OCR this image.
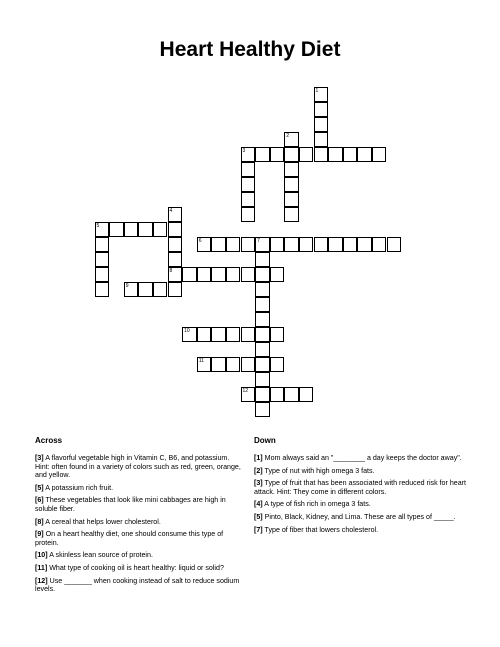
Heart Healthy Diet
1
2
3
4
8
5
6	7
9
10
11
12
Across	Down
[3] A flavorful vegetable high in Vitamin C, B6, and potassium. Hint: often found in a variety of colors such as red, green, orange, and yellow.
[5] A potassium rich fruit.
[6] These vegetables that look like mini cabbages are high in soluble fiber.
[8] A cereal that helps lower cholesterol.
[9] On a heart healthy diet, one should consume this type of protein.
[10] A skinless lean source of protein.
[11] What type of cooking oil is heart healthy: liquid or solid?
[12] Use _______ when cooking instead of salt to reduce sodium levels.
[1] Mom always said an "________ a day keeps the doctor away".
[2] Type of nut with high omega 3 fats.
[3] Type of fruit that has been associated with reduced risk for heart attack. Hint: They come in different colors.
[4] A type of fish rich in omega 3 fats.
[5] Pinto, Black, Kidney, and Lima. These are all types of _____.
[7] Type of fiber that lowers cholesterol.
